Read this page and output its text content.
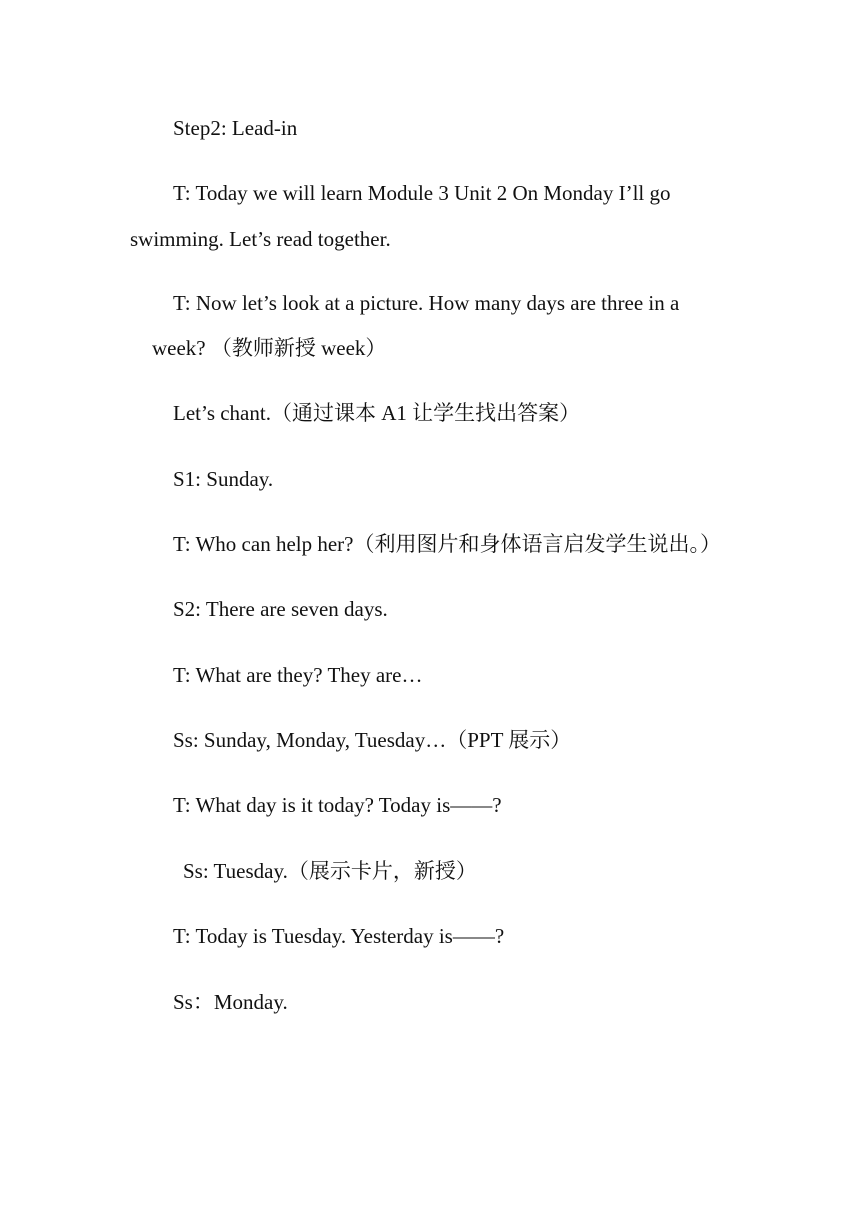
Step2: Lead-in
T: Today we will learn Module 3 Unit 2 On Monday I’ll go
swimming. Let’s read together.
T: Now let’s look at a picture. How many days are three in a
week? （教师新授 week）
Let’s chant.（通过课本 A1 让学生找出答案）
S1: Sunday.
T: Who can help her?（利用图片和身体语言启发学生说出。）
S2: There are seven days.
T: What are they? They are…
Ss: Sunday, Monday, Tuesday…（PPT 展示）
T: What day is it today? Today is——?
Ss: Tuesday.（展示卡片，新授）
T: Today is Tuesday. Yesterday is——?
Ss：Monday.
